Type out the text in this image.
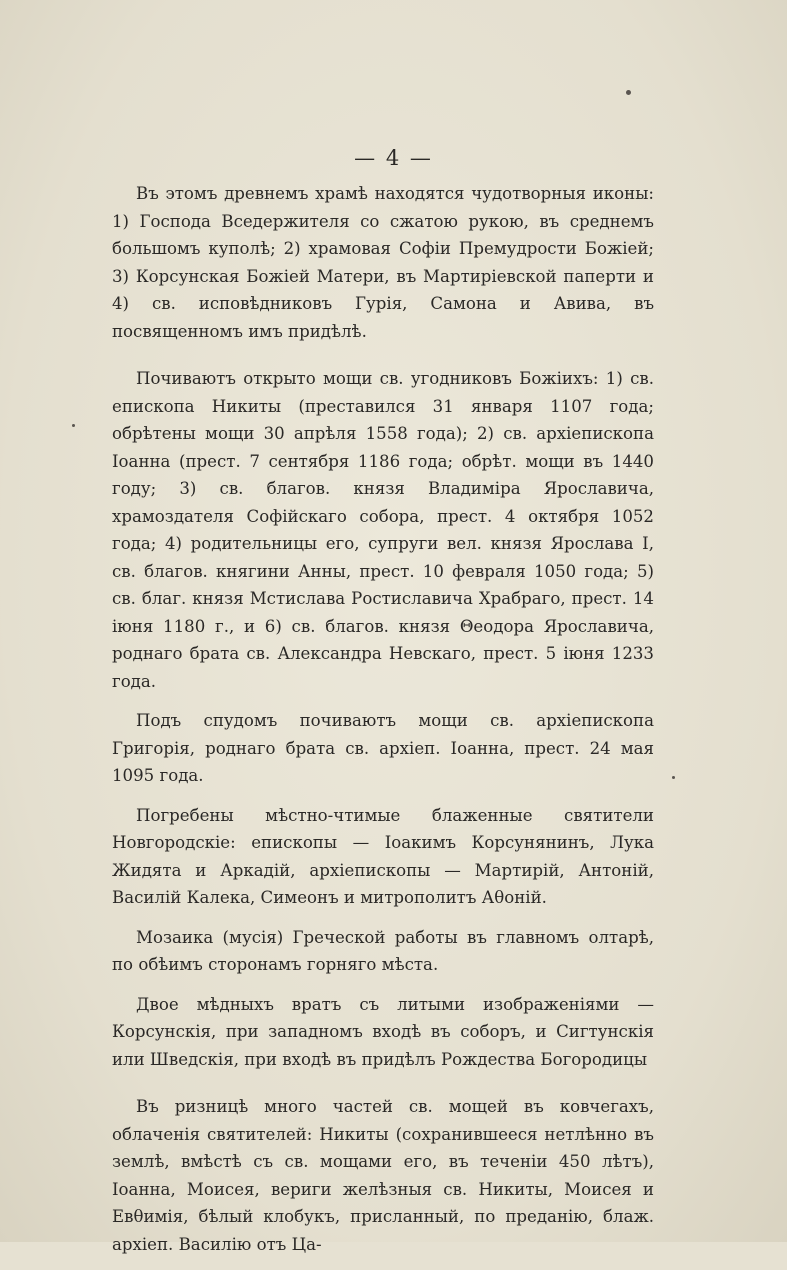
— 4 —

Въ этомъ древнемъ храмѣ находятся чудотворныя иконы: 1) Господа Вседержителя со сжатою рукою, въ среднемъ большомъ куполѣ; 2) храмовая Софіи Премудрости Божіей; 3) Корсунская Божіей Матери, въ Мартиріевской паперти и 4) св. исповѣдниковъ Гурія, Самона и Авива, въ посвященномъ имъ придѣлѣ.

Почиваютъ открыто мощи св. угодниковъ Божіихъ: 1) св. епископа Никиты (преставился 31 января 1107 года; обрѣтены мощи 30 апрѣля 1558 года); 2) св. архіепископа Іоанна (прест. 7 сентября 1186 года; обрѣт. мощи въ 1440 году; 3) св. благов. князя Владиміра Ярославича, храмоздателя Софійскаго собора, прест. 4 октября 1052 года; 4) родительницы его, супруги вел. князя Ярослава I, св. благов. княгини Анны, прест. 10 февраля 1050 года; 5) св. благ. князя Мстислава Ростиславича Храбраго, прест. 14 іюня 1180 г., и 6) св. благов. князя Θеодора Ярославича, роднаго брата св. Александра Невскаго, прест. 5 іюня 1233 года.

Подъ спудомъ почиваютъ мощи св. архіепископа Григорія, роднаго брата св. архіеп. Іоанна, прест. 24 мая 1095 года.

Погребены мѣстно-чтимые блаженные святители Новгородскіе: епископы — Іоакимъ Корсунянинъ, Лука Жидята и Аркадій, архіепископы — Мартирій, Антоній, Василій Калека, Симеонъ и митрополитъ Аθоній.

Мозаика (мусія) Греческой работы въ главномъ олтарѣ, по обѣимъ сторонамъ горняго мѣста.

Двое мѣдныхъ вратъ съ литыми изображеніями — Корсунскія, при западномъ входѣ въ соборъ, и Сигтунскія или Шведскія, при входѣ въ придѣлъ Рождества Богородицы

Въ ризницѣ много частей св. мощей въ ковчегахъ, облаченія святителей: Никиты (сохранившееся нетлѣнно въ землѣ, вмѣстѣ съ св. мощами его, въ теченіи 450 лѣтъ), Іоанна, Моисея, вериги желѣзныя св. Никиты, Моисея и Евθимія, бѣлый клобукъ, присланный, по преданію, блаж. архіеп. Василію отъ Ца-
